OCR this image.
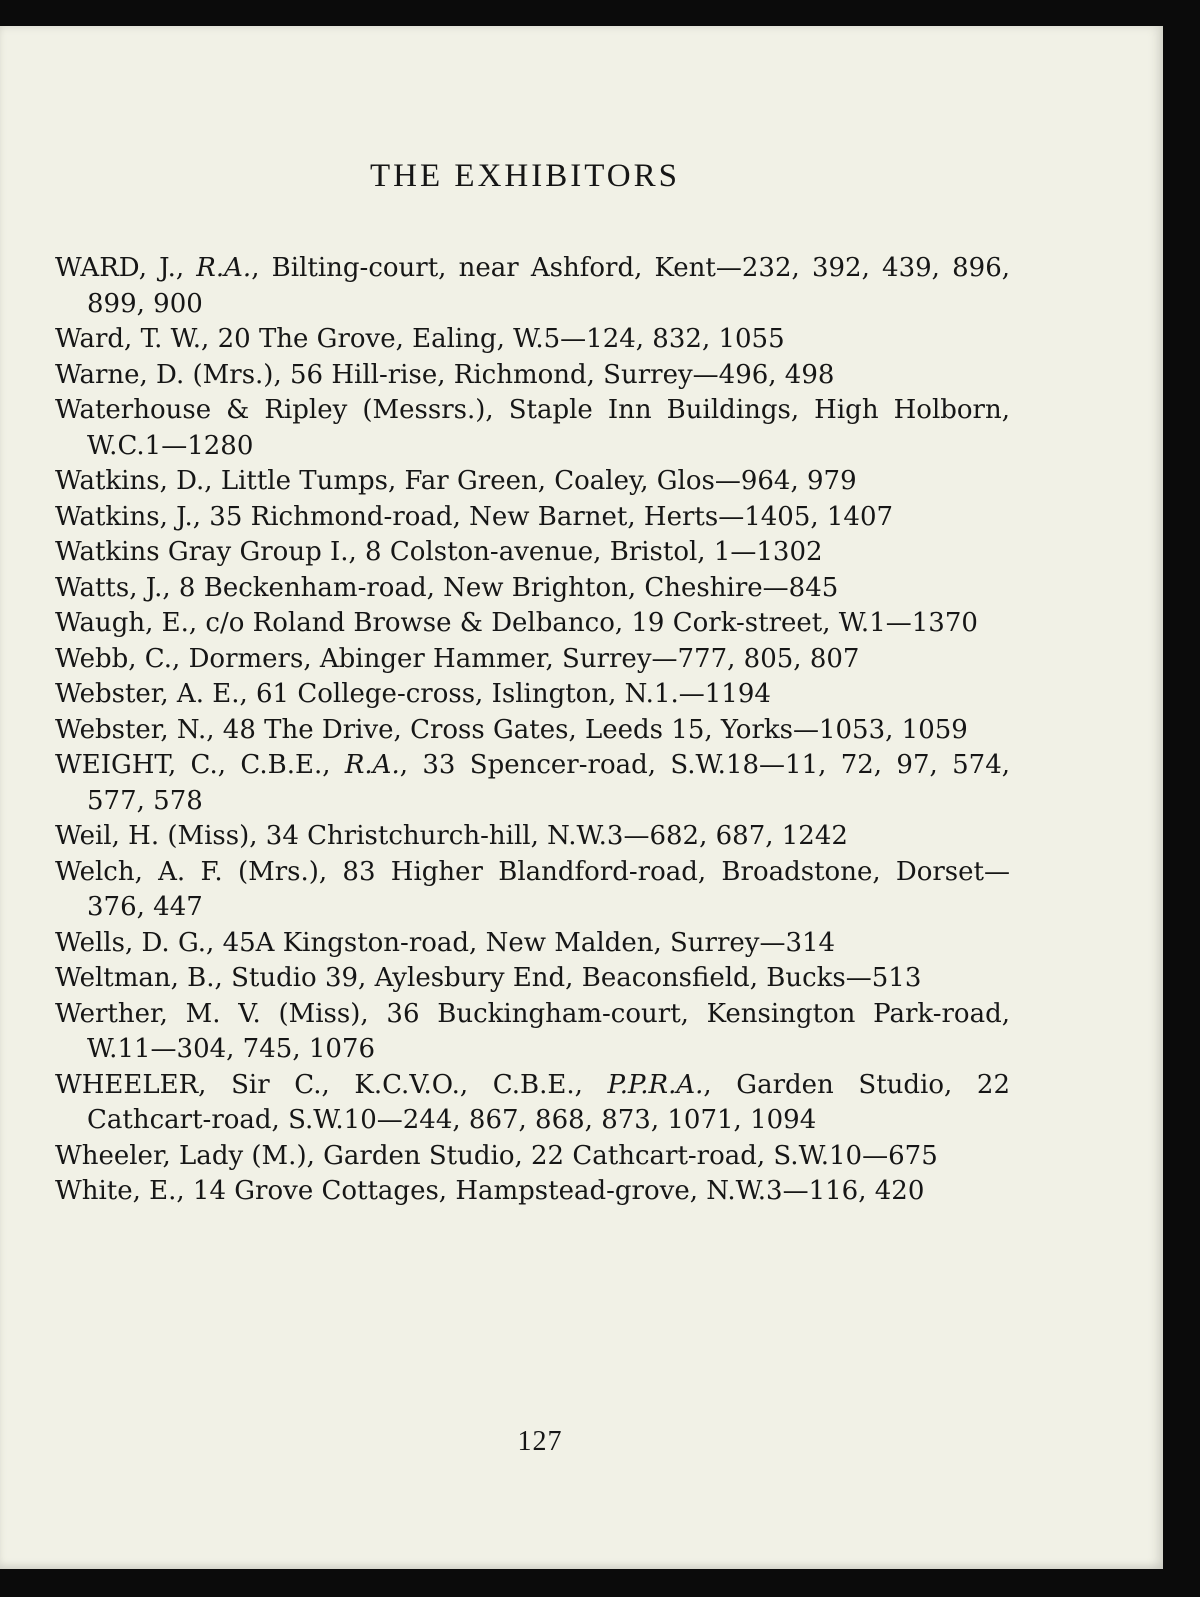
THE EXHIBITORS
WARD, J., R.A., Bilting-court, near Ashford, Kent—232, 392, 439, 896, 899, 900
Ward, T. W., 20 The Grove, Ealing, W.5—124, 832, 1055
Warne, D. (Mrs.), 56 Hill-rise, Richmond, Surrey—496, 498
Waterhouse & Ripley (Messrs.), Staple Inn Buildings, High Holborn, W.C.1—1280
Watkins, D., Little Tumps, Far Green, Coaley, Glos—964, 979
Watkins, J., 35 Richmond-road, New Barnet, Herts—1405, 1407
Watkins Gray Group I., 8 Colston-avenue, Bristol, 1—1302
Watts, J., 8 Beckenham-road, New Brighton, Cheshire—845
Waugh, E., c/o Roland Browse & Delbanco, 19 Cork-street, W.1—1370
Webb, C., Dormers, Abinger Hammer, Surrey—777, 805, 807
Webster, A. E., 61 College-cross, Islington, N.1.—1194
Webster, N., 48 The Drive, Cross Gates, Leeds 15, Yorks—1053, 1059
WEIGHT, C., C.B.E., R.A., 33 Spencer-road, S.W.18—11, 72, 97, 574, 577, 578
Weil, H. (Miss), 34 Christchurch-hill, N.W.3—682, 687, 1242
Welch, A. F. (Mrs.), 83 Higher Blandford-road, Broadstone, Dorset—376, 447
Wells, D. G., 45A Kingston-road, New Malden, Surrey—314
Weltman, B., Studio 39, Aylesbury End, Beaconsfield, Bucks—513
Werther, M. V. (Miss), 36 Buckingham-court, Kensington Park-road, W.11—304, 745, 1076
WHEELER, Sir C., K.C.V.O., C.B.E., P.P.R.A., Garden Studio, 22 Cathcart-road, S.W.10—244, 867, 868, 873, 1071, 1094
Wheeler, Lady (M.), Garden Studio, 22 Cathcart-road, S.W.10—675
White, E., 14 Grove Cottages, Hampstead-grove, N.W.3—116, 420
127
